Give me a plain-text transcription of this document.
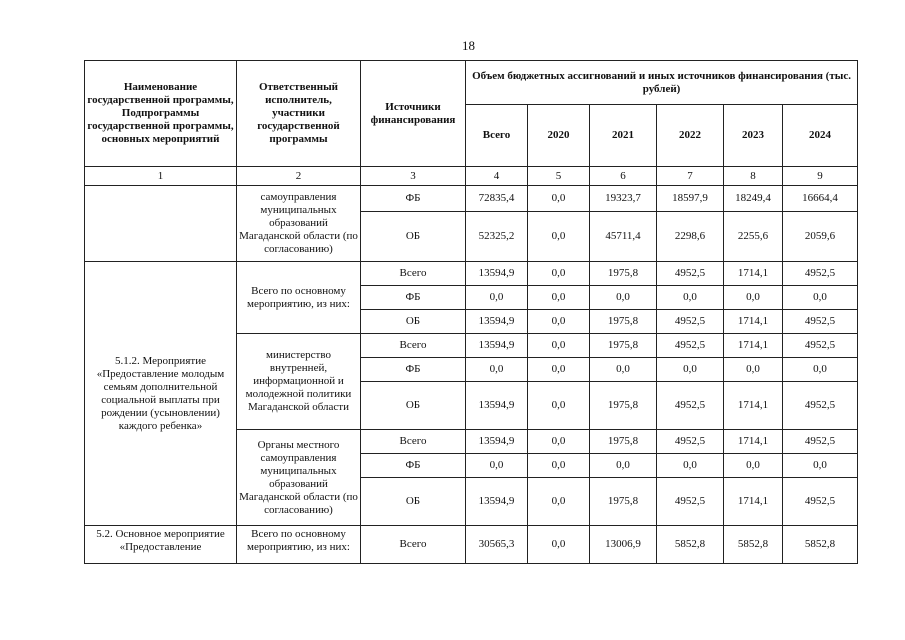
18
Наименование государственной программы, Подпрограммы государственной программы, основных мероприятий	Ответственный исполнитель, участники государственной программы	Источники финансирования	Объем бюджетных ассигнований и иных источников финансирования (тыс. рублей)					
			Всего	2020	2021	2022	2023	2024
1	2	3	4	5	6	7	8	9
	самоуправления муниципальных образований Магаданской области (по согласованию)	ФБ	72835,4	0,0	19323,7	18597,9	18249,4	16664,4
		ОБ	52325,2	0,0	45711,4	2298,6	2255,6	2059,6
5.1.2. Мероприятие «Предоставление молодым семьям дополнительной социальной выплаты при рождении (усыновлении) каждого ребенка»	Всего по основному мероприятию, из них:	Всего	13594,9	0,0	1975,8	4952,5	1714,1	4952,5
		ФБ	0,0	0,0	0,0	0,0	0,0	0,0
		ОБ	13594,9	0,0	1975,8	4952,5	1714,1	4952,5
	министерство внутренней, информационной и молодежной политики Магаданской области	Всего	13594,9	0,0	1975,8	4952,5	1714,1	4952,5
		ФБ	0,0	0,0	0,0	0,0	0,0	0,0
		ОБ	13594,9	0,0	1975,8	4952,5	1714,1	4952,5
	Органы местного самоуправления муниципальных образований Магаданской области (по согласованию)	Всего	13594,9	0,0	1975,8	4952,5	1714,1	4952,5
		ФБ	0,0	0,0	0,0	0,0	0,0	0,0
		ОБ	13594,9	0,0	1975,8	4952,5	1714,1	4952,5
5.2. Основное мероприятие «Предоставление	Всего по основному мероприятию, из них:	Всего	30565,3	0,0	13006,9	5852,8	5852,8	5852,8
